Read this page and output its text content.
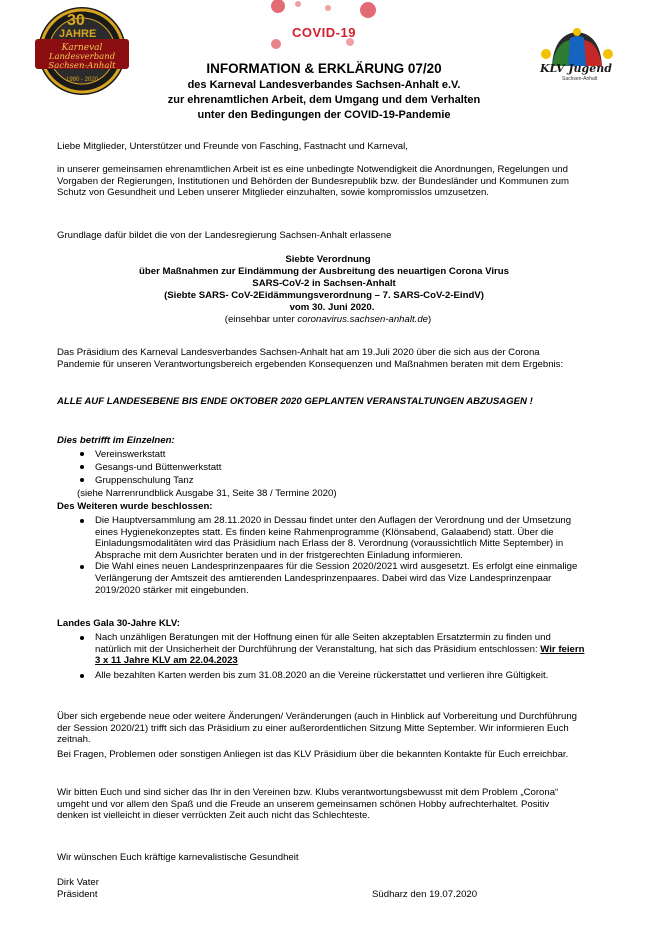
30
JAHRE
Karneval
Landesverband
Sachsen-Anhalt
1990 - 2020
COVID-19
KLV Jugend
Sachsen-Anhalt
INFORMATION & ERKLÄRUNG 07/20
des Karneval Landesverbandes Sachsen-Anhalt e.V.
zur ehrenamtlichen Arbeit, dem Umgang und dem Verhalten
unter den Bedingungen der COVID-19-Pandemie

Liebe Mitglieder, Unterstützer und Freunde von Fasching, Fastnacht und Karneval,

in unserer gemeinsamen ehrenamtlichen Arbeit ist es eine unbedingte Notwendigkeit die Anordnungen, Regelungen und Vorgaben der Regierungen, Institutionen und Behörden der Bundesrepublik bzw. der Bundesländer und Kommunen zum Schutz von Gesundheit und Leben unserer Mitglieder einzuhalten, sowie kompromisslos umzusetzen.

Grundlage dafür bildet die von der Landesregierung Sachsen-Anhalt erlassene

Siebte Verordnung
über Maßnahmen zur Eindämmung der Ausbreitung des neuartigen Corona Virus
SARS-CoV-2 in Sachsen-Anhalt
(Siebte SARS- CoV-2Eidämmungsverordnung – 7. SARS-CoV-2-EindV)
vom 30. Juni 2020.
(einsehbar unter coronavirus.sachsen-anhalt.de)

Das Präsidium des Karneval Landesverbandes Sachsen-Anhalt hat am 19.Juli 2020 über die sich aus der Corona Pandemie für unseren Verantwortungsbereich ergebenden Konsequenzen und Maßnahmen beraten mit dem Ergebnis:

ALLE AUF LANDESEBENE BIS ENDE OKTOBER 2020 GEPLANTEN VERANSTALTUNGEN ABZUSAGEN !

Dies betrifft im Einzelnen:

Vereinswerkstatt
Gesangs-und Büttenwerkstatt
Gruppenschulung Tanz

(siehe Narrenrundblick Ausgabe 31, Seite 38 / Termine 2020)

Des Weiteren wurde beschlossen:

Die Hauptversammlung am 28.11.2020 in Dessau findet unter den Auflagen der Verordnung und der Umsetzung eines Hygienekonzeptes statt. Es finden keine Rahmenprogramme (Klönsabend, Galaabend) statt. Über die Einladungsmodalitäten wird das Präsidium nach Erlass der 8. Verordnung (voraussichtlich Mitte September) in Absprache mit dem Ausrichter beraten und in der fristgerechten Einladung informieren.
Die Wahl eines neuen Landesprinzenpaares für die Session 2020/2021 wird ausgesetzt. Es erfolgt eine einmalige Verlängerung der Amtszeit des amtierenden Landesprinzenpaares. Dabei wird das Vize Landesprinzenpaar 2019/2020 stärker mit eingebunden.

Landes Gala 30-Jahre KLV:

Nach unzähligen Beratungen mit der Hoffnung einen für alle Seiten akzeptablen Ersatztermin zu finden und natürlich mit der Unsicherheit der Durchführung der Veranstaltung, hat sich das Präsidium entschlossen: Wir feiern 3 x 11 Jahre KLV am 22.04.2023
Alle bezahlten Karten werden bis zum 31.08.2020 an die Vereine rückerstattet und verlieren ihre Gültigkeit.

Über sich ergebende neue oder weitere Änderungen/ Veränderungen (auch in Hinblick auf Vorbereitung und Durchführung der Session 2020/21) trifft sich das Präsidium zu einer außerordentlichen Sitzung Mitte September. Wir informieren Euch zeitnah.

Bei Fragen, Problemen oder sonstigen Anliegen ist das KLV Präsidium über die bekannten Kontakte für Euch erreichbar.

Wir bitten Euch und sind sicher das Ihr in den Vereinen bzw. Klubs verantwortungsbewusst mit dem Problem „Corona“ umgeht und vor allem den Spaß und die Freude an unserem gemeinsamen schönen Hobby aufrechterhaltet. Positiv denken ist vielleicht in dieser verrückten Zeit auch nicht das Schlechteste.

Wir wünschen Euch kräftige karnevalistische Gesundheit

Dirk Vater
Präsident	Südharz den 19.07.2020
